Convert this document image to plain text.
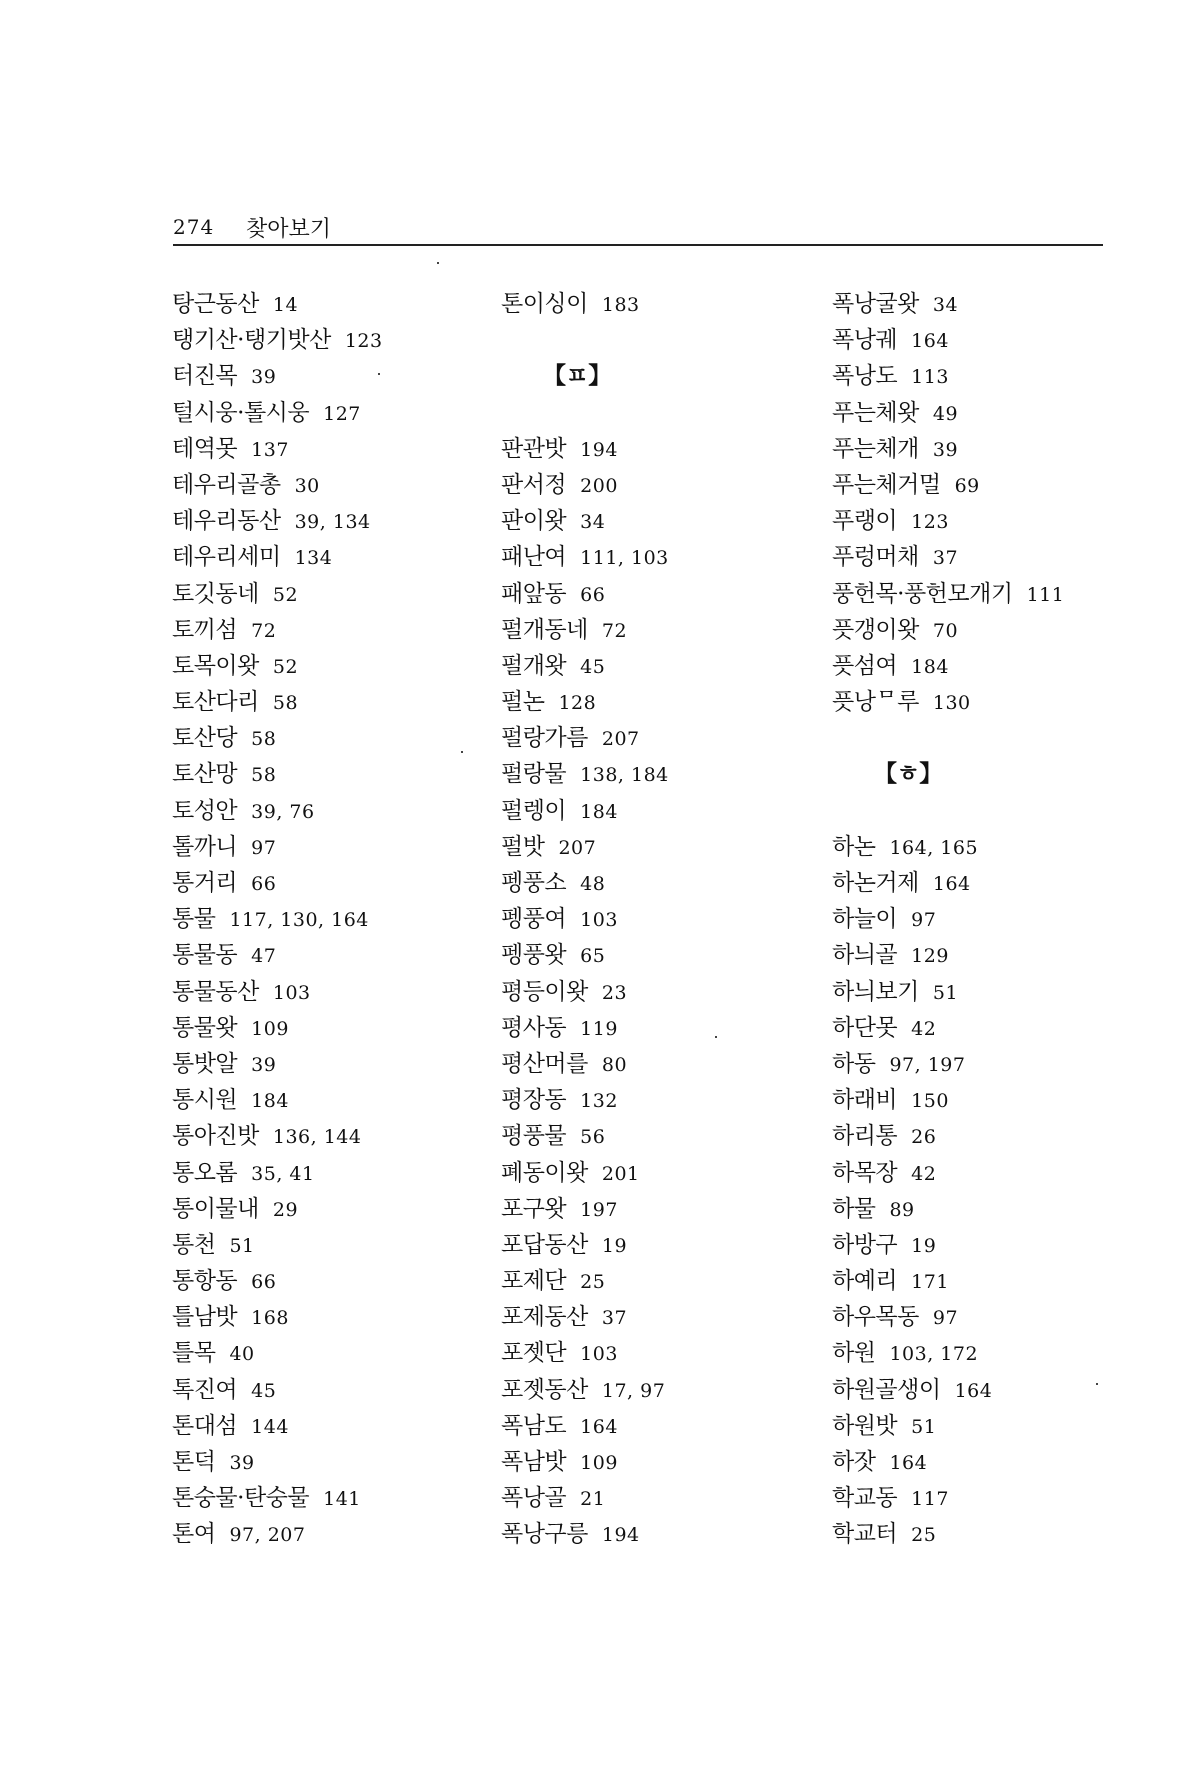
274 찾아보기
탕근동산 14
탱기산·탱기밧산 123
터진목 39
털시웅·톨시웅 127
테역못 137
테우리골총 30
테우리동산 39, 134
테우리세미 134
토깃동네 52
토끼섬 72
토목이왓 52
토산다리 58
토산당 58
토산망 58
토성안 39, 76
톨까니 97
통거리 66
통물 117, 130, 164
통물동 47
통물동산 103
통물왓 109
통밧알 39
통시원 184
통아진밧 136, 144
통오롬 35, 41
통이물내 29
통천 51
통항동 66
틀남밧 168
틀목 40
톡진여 45
톤대섬 144
톤덕 39
톤숭물·탄숭물 141
톤여 97, 207
톤이싱이 183
【ㅍ】
판관밧 194
판서정 200
판이왓 34
패난여 111, 103
패앞동 66
펄개동네 72
펄개왓 45
펄논 128
펄랑가름 207
펄랑물 138, 184
펄렝이 184
펄밧 207
펭풍소 48
펭풍여 103
펭풍왓 65
평등이왓 23
평사동 119
평산머를 80
평장동 132
평풍물 56
폐동이왓 201
포구왓 197
포답동산 19
포제단 25
포제동산 37
포젯단 103
포젯동산 17, 97
폭남도 164
폭남밧 109
폭낭골 21
폭낭구릉 194
폭낭굴왓 34
폭낭궤 164
폭낭도 113
푸는체왓 49
푸는체개 39
푸는체거멀 69
푸랭이 123
푸렁머채 37
풍헌목·풍헌모개기 111
픗갱이왓 70
픗섬여 184
픗낭ᄆ루 130
【ㅎ】
하논 164, 165
하논거제 164
하늘이 97
하늬골 129
하늬보기 51
하단못 42
하동 97, 197
하래비 150
하리통 26
하목장 42
하물 89
하방구 19
하예리 171
하우목동 97
하원 103, 172
하원골생이 164
하원밧 51
하잣 164
학교동 117
학교터 25
